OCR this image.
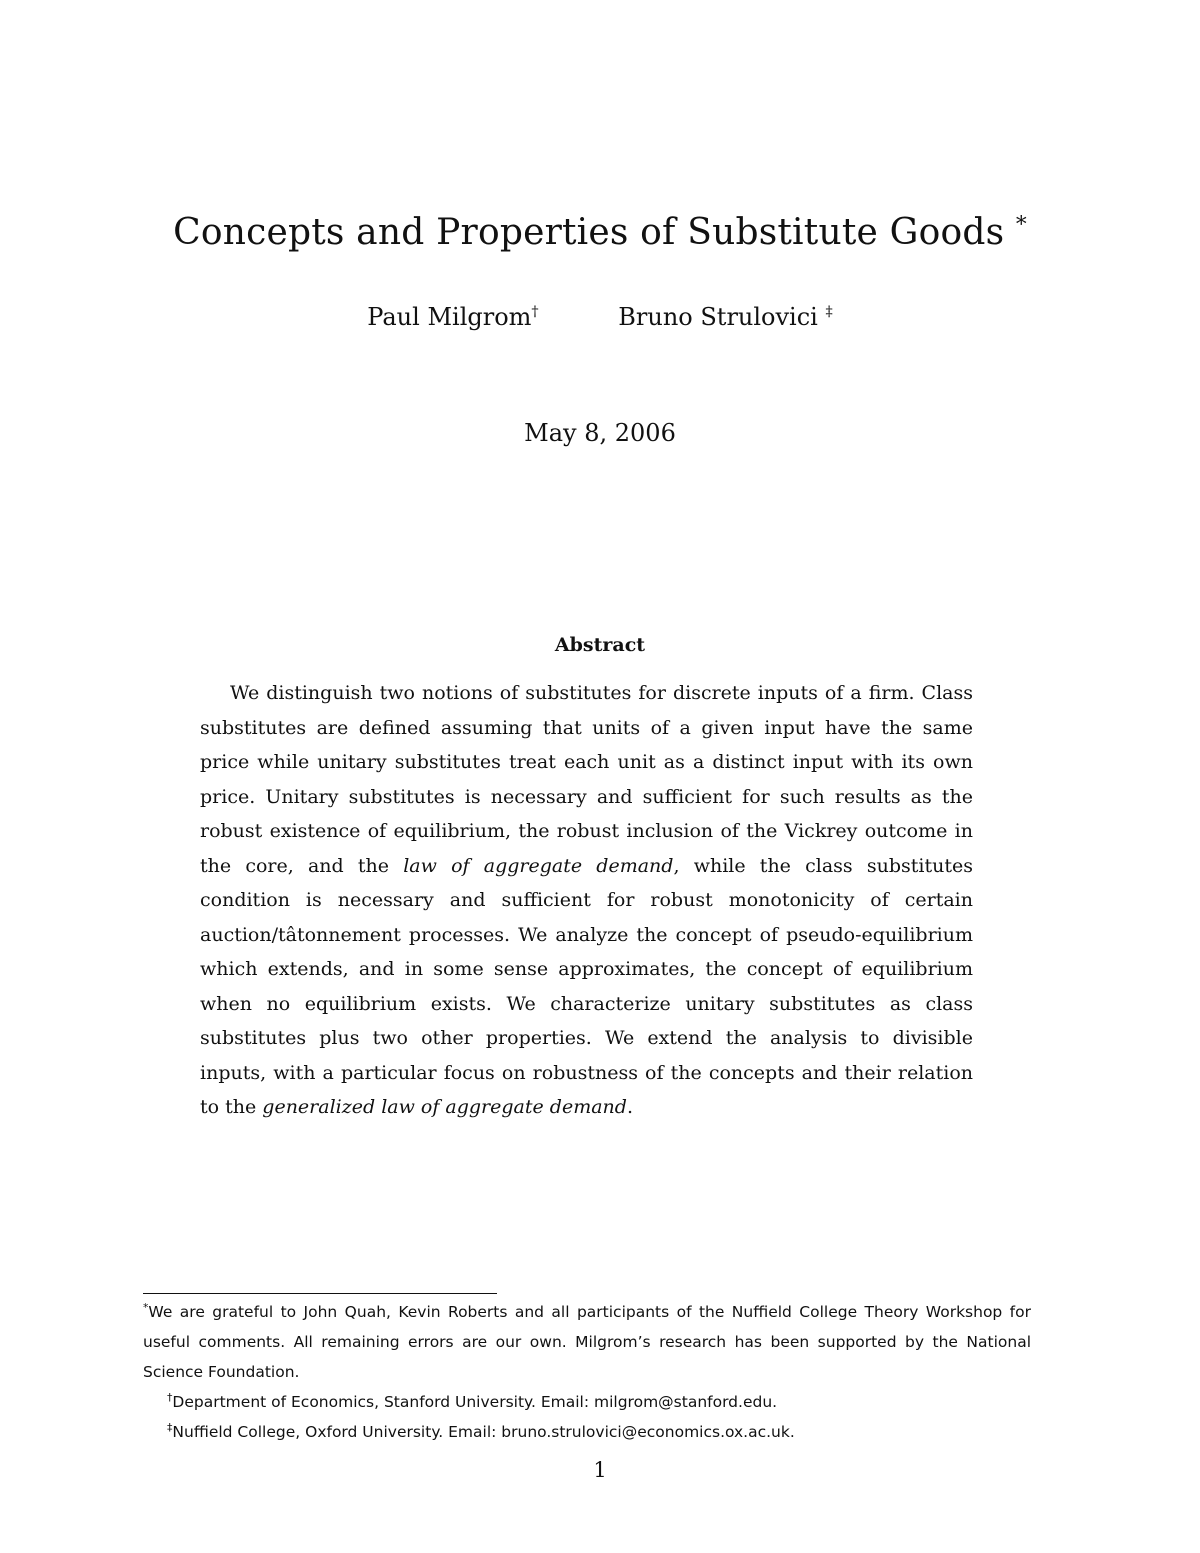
Concepts and Properties of Substitute Goods *
Paul Milgrom†	Bruno Strulovici ‡
May 8, 2006
Abstract

We distinguish two notions of substitutes for discrete inputs of a firm. Class substitutes are defined assuming that units of a given input have the same price while unitary substitutes treat each unit as a distinct input with its own price. Unitary substitutes is necessary and sufficient for such results as the robust existence of equilibrium, the robust inclusion of the Vickrey outcome in the core, and the law of aggregate demand, while the class substitutes condition is necessary and sufficient for robust monotonicity of certain auction/tâtonnement processes. We analyze the concept of pseudo-equilibrium which extends, and in some sense approximates, the concept of equilibrium when no equilibrium exists. We characterize unitary substitutes as class substitutes plus two other properties. We extend the analysis to divisible inputs, with a particular focus on robustness of the concepts and their relation to the generalized law of aggregate demand.

*We are grateful to John Quah, Kevin Roberts and all participants of the Nuffield College Theory Workshop for useful comments. All remaining errors are our own. Milgrom’s research has been supported by the National Science Foundation.

†Department of Economics, Stanford University. Email: milgrom@stanford.edu.

‡Nuffield College, Oxford University. Email: bruno.strulovici@economics.ox.ac.uk.

1
